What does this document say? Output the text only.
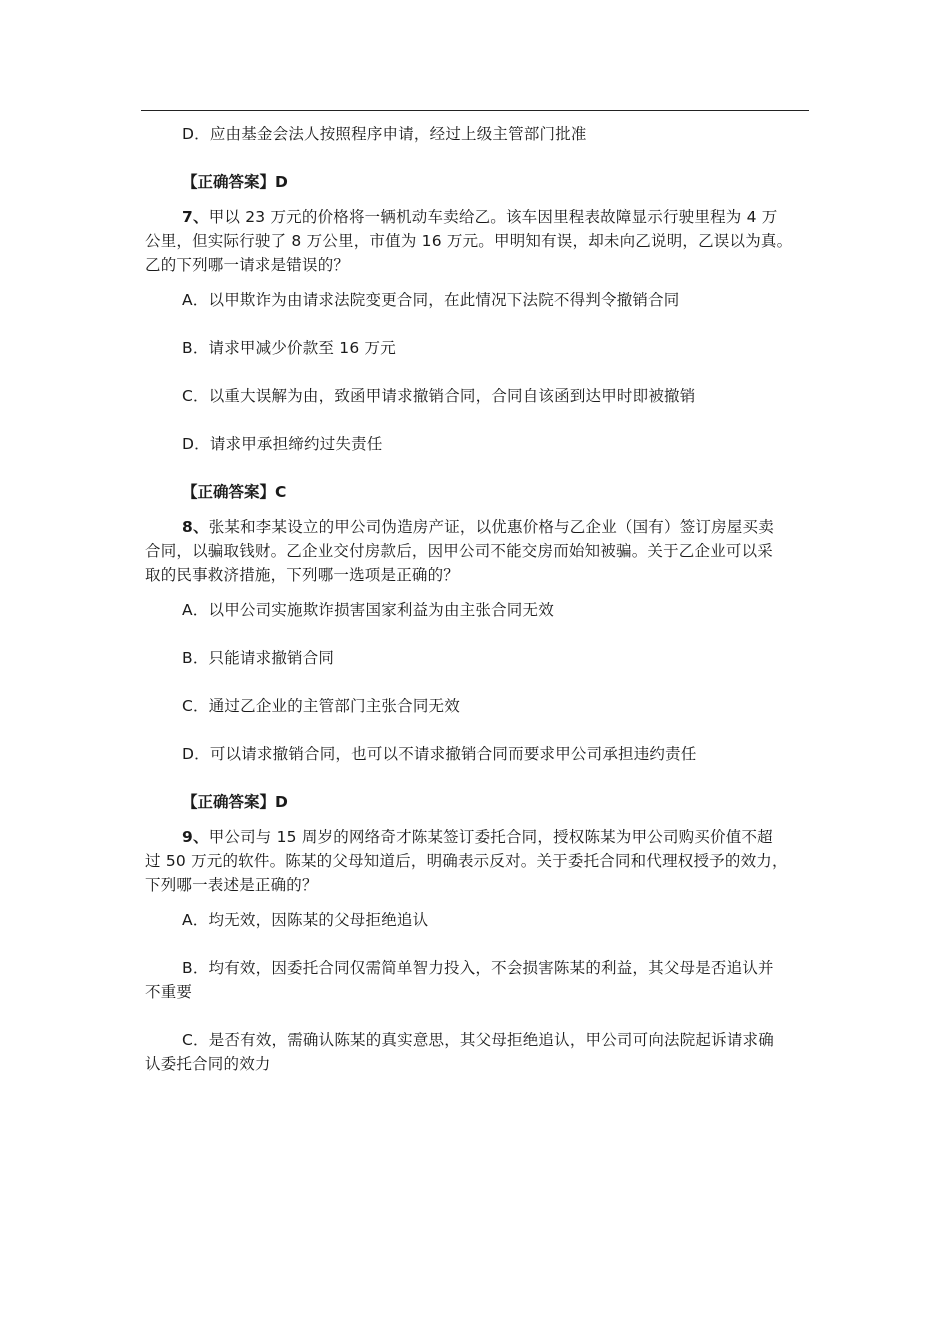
D．应由基金会法人按照程序申请，经过上级主管部门批准
【正确答案】D
7、甲以 23 万元的价格将一辆机动车卖给乙。该车因里程表故障显示行驶里程为 4 万
公里，但实际行驶了 8 万公里，市值为 16 万元。甲明知有误，却未向乙说明，乙误以为真。
乙的下列哪一请求是错误的？
A．以甲欺诈为由请求法院变更合同，在此情况下法院不得判令撤销合同
B．请求甲减少价款至 16 万元
C．以重大误解为由，致函甲请求撤销合同，合同自该函到达甲时即被撤销
D．请求甲承担缔约过失责任
【正确答案】C
8、张某和李某设立的甲公司伪造房产证，以优惠价格与乙企业（国有）签订房屋买卖
合同，以骗取钱财。乙企业交付房款后，因甲公司不能交房而始知被骗。关于乙企业可以采
取的民事救济措施，下列哪一选项是正确的？
A．以甲公司实施欺诈损害国家利益为由主张合同无效
B．只能请求撤销合同
C．通过乙企业的主管部门主张合同无效
D．可以请求撤销合同，也可以不请求撤销合同而要求甲公司承担违约责任
【正确答案】D
9、甲公司与 15 周岁的网络奇才陈某签订委托合同，授权陈某为甲公司购买价值不超
过 50 万元的软件。陈某的父母知道后，明确表示反对。关于委托合同和代理权授予的效力，
下列哪一表述是正确的？
A．均无效，因陈某的父母拒绝追认
B．均有效，因委托合同仅需简单智力投入，不会损害陈某的利益，其父母是否追认并
不重要
C．是否有效，需确认陈某的真实意思，其父母拒绝追认，甲公司可向法院起诉请求确
认委托合同的效力
